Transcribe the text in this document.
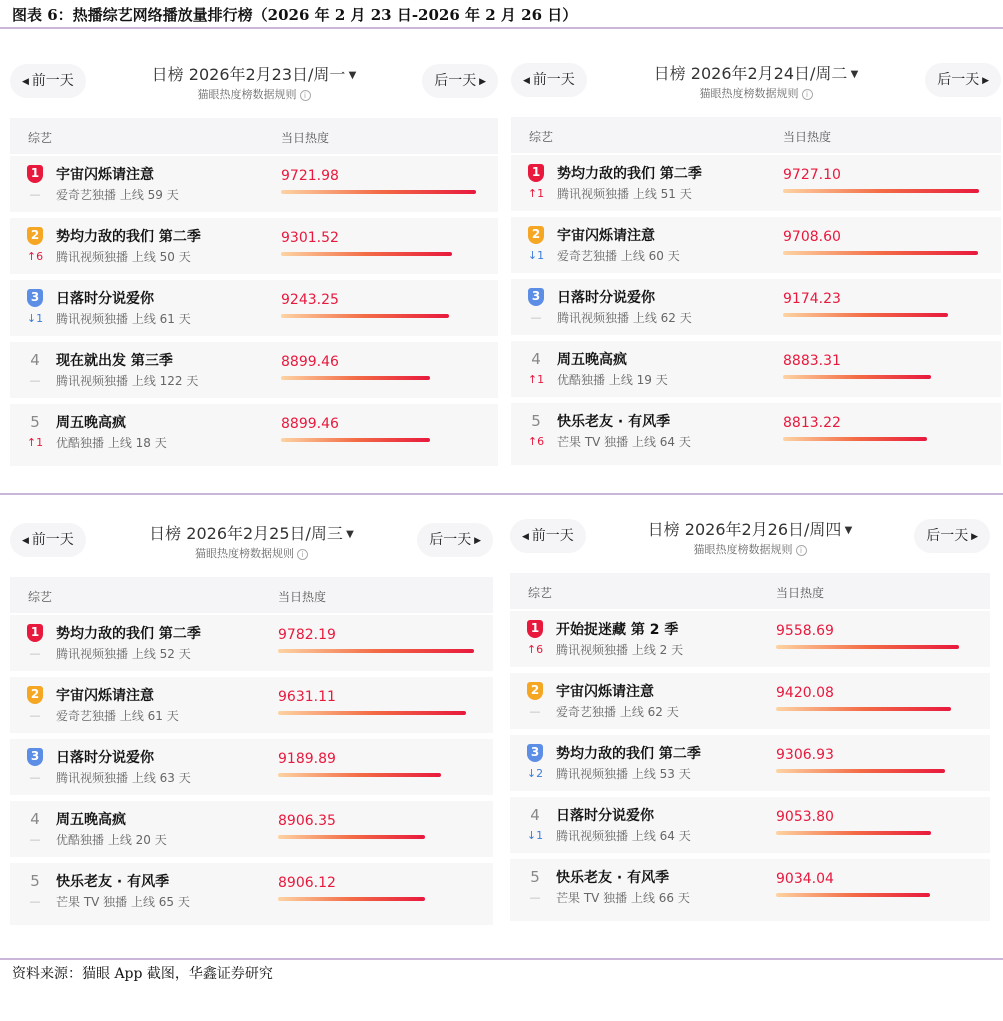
图表 6：热播综艺网络播放量排行榜（2026 年 2 月 23 日-2026 年 2 月 26 日）
资料来源：猫眼 App 截图，华鑫证券研究
◀ 前一天	后一天 ▶
日榜 2026年2月23日/周一 ▼
猫眼热度榜数据规则 i
综艺	当日热度
1
—
宇宙闪烁请注意
爱奇艺独播 上线 59 天
9721.98
2
↑6
势均力敌的我们 第二季
腾讯视频独播 上线 50 天
9301.52
3
↓1
日落时分说爱你
腾讯视频独播 上线 61 天
9243.25
4
—
现在就出发 第三季
腾讯视频独播 上线 122 天
8899.46
5
↑1
周五晚高疯
优酷独播 上线 18 天
8899.46
◀ 前一天	后一天 ▶
日榜 2026年2月24日/周二 ▼
猫眼热度榜数据规则 i
综艺	当日热度
1
↑1
势均力敌的我们 第二季
腾讯视频独播 上线 51 天
9727.10
2
↓1
宇宙闪烁请注意
爱奇艺独播 上线 60 天
9708.60
3
—
日落时分说爱你
腾讯视频独播 上线 62 天
9174.23
4
↑1
周五晚高疯
优酷独播 上线 19 天
8883.31
5
↑6
快乐老友 · 有风季
芒果 TV 独播 上线 64 天
8813.22
◀ 前一天	后一天 ▶
日榜 2026年2月25日/周三 ▼
猫眼热度榜数据规则 i
综艺	当日热度
1
—
势均力敌的我们 第二季
腾讯视频独播 上线 52 天
9782.19
2
—
宇宙闪烁请注意
爱奇艺独播 上线 61 天
9631.11
3
—
日落时分说爱你
腾讯视频独播 上线 63 天
9189.89
4
—
周五晚高疯
优酷独播 上线 20 天
8906.35
5
—
快乐老友 · 有风季
芒果 TV 独播 上线 65 天
8906.12
◀ 前一天	后一天 ▶
日榜 2026年2月26日/周四 ▼
猫眼热度榜数据规则 i
综艺	当日热度
1
↑6
开始捉迷藏 第 2 季
腾讯视频独播 上线 2 天
9558.69
2
—
宇宙闪烁请注意
爱奇艺独播 上线 62 天
9420.08
3
↓2
势均力敌的我们 第二季
腾讯视频独播 上线 53 天
9306.93
4
↓1
日落时分说爱你
腾讯视频独播 上线 64 天
9053.80
5
—
快乐老友 · 有风季
芒果 TV 独播 上线 66 天
9034.04
